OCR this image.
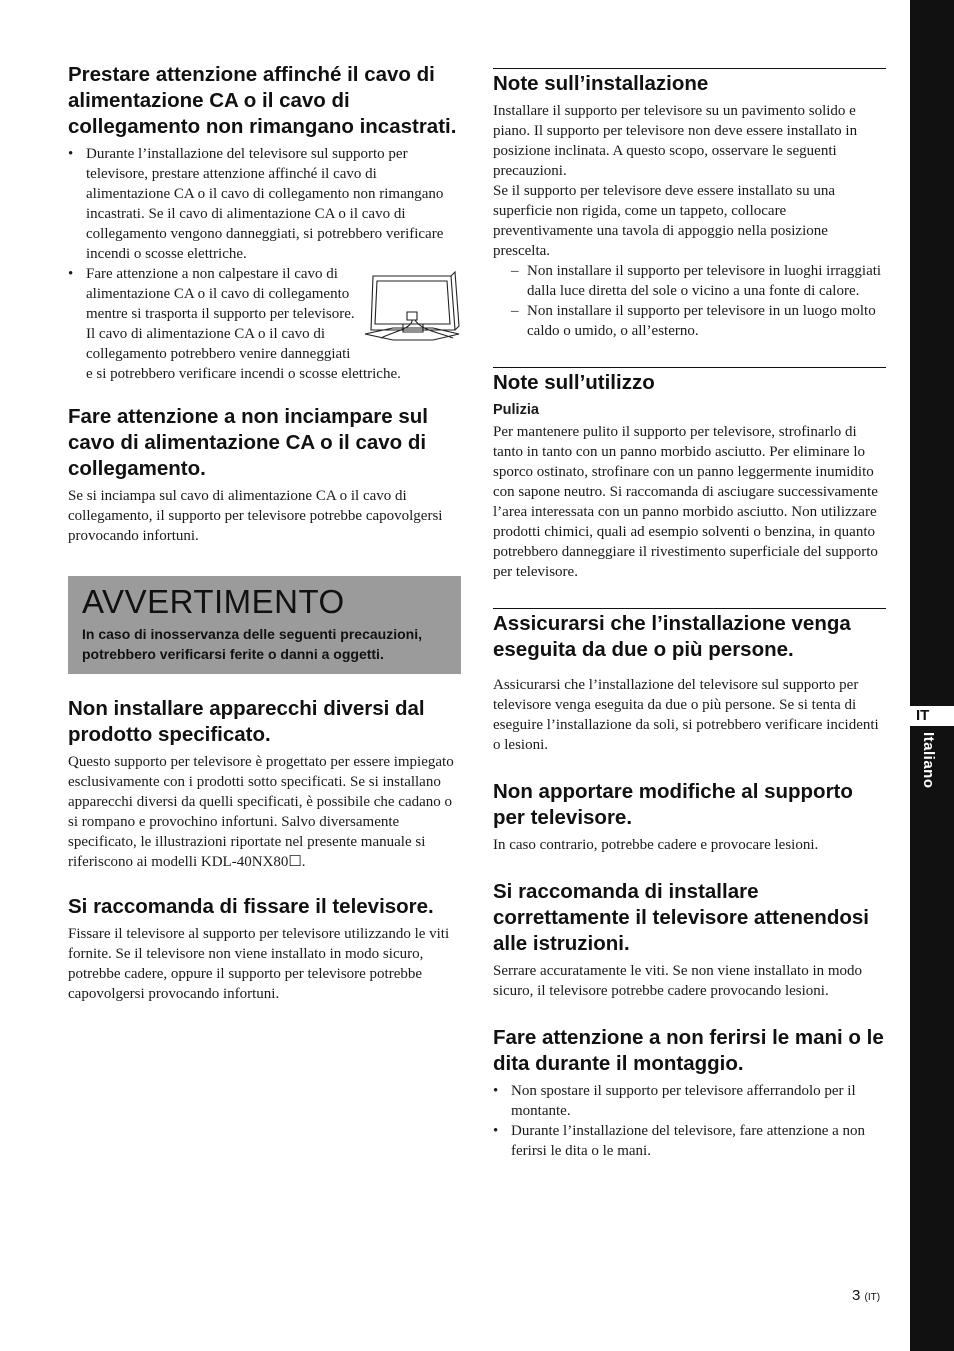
IT
Italiano
Prestare attenzione affinché il cavo di alimentazione CA o il cavo di collegamento non rimangano incastrati.
• Durante l’installazione del televisore sul supporto per televisore, prestare attenzione affinché il cavo di alimentazione CA o il cavo di collegamento non rimangano incastrati. Se il cavo di alimentazione CA o il cavo di collegamento vengono danneggiati, si potrebbero verificare incendi o scosse elettriche.
• Fare attenzione a non calpestare il cavo di alimentazione CA o il cavo di collegamento mentre si trasporta il supporto per televisore. Il cavo di alimentazione CA o il cavo di collegamento potrebbero venire danneggiati e si potrebbero verificare incendi o scosse elettriche.
Fare attenzione a non inciampare sul cavo di alimentazione CA o il cavo di collegamento.

Se si inciampa sul cavo di alimentazione CA o il cavo di collegamento, il supporto per televisore potrebbe capovolgersi provocando infortuni.

AVVERTIMENTO

In caso di inosservanza delle seguenti precauzioni, potrebbero verificarsi ferite o danni a oggetti.

Non installare apparecchi diversi dal prodotto specificato.

Questo supporto per televisore è progettato per essere impiegato esclusivamente con i prodotti sotto specificati. Se si installano apparecchi diversi da quelli specificati, è possibile che cadano o si rompano e provochino infortuni. Salvo diversamente specificato, le illustrazioni riportate nel presente manuale si riferiscono ai modelli KDL-40NX80☐.

Si raccomanda di fissare il televisore.

Fissare il televisore al supporto per televisore utilizzando le viti fornite. Se il televisore non viene installato in modo sicuro, potrebbe cadere, oppure il supporto per televisore potrebbe capovolgersi provocando infortuni.

Note sull’installazione

Installare il supporto per televisore su un pavimento solido e piano. Il supporto per televisore non deve essere installato in posizione inclinata. A questo scopo, osservare le seguenti precauzioni.

Se il supporto per televisore deve essere installato su una superficie non rigida, come un tappeto, collocare preventivamente una tavola di appoggio nella posizione prescelta.

– Non installare il supporto per televisore in luoghi irraggiati dalla luce diretta del sole o vicino a una fonte di calore.
– Non installare il supporto per televisore in un luogo molto caldo o umido, o all’esterno.
Note sull’utilizzo
Pulizia

Per mantenere pulito il supporto per televisore, strofinarlo di tanto in tanto con un panno morbido asciutto. Per eliminare lo sporco ostinato, strofinare con un panno leggermente inumidito con sapone neutro. Si raccomanda di asciugare successivamente l’area interessata con un panno morbido asciutto. Non utilizzare prodotti chimici, quali ad esempio solventi o benzina, in quanto potrebbero danneggiare il rivestimento superficiale del supporto per televisore.

Assicurarsi che l’installazione venga eseguita da due o più persone.

Assicurarsi che l’installazione del televisore sul supporto per televisore venga eseguita da due o più persone. Se si tenta di eseguire l’installazione da soli, si potrebbero verificare incidenti o lesioni.

Non apportare modifiche al supporto per televisore.

In caso contrario, potrebbe cadere e provocare lesioni.

Si raccomanda di installare correttamente il televisore attenendosi alle istruzioni.

Serrare accuratamente le viti. Se non viene installato in modo sicuro, il televisore potrebbe cadere provocando lesioni.

Fare attenzione a non ferirsi le mani o le dita durante il montaggio.
• Non spostare il supporto per televisore afferrandolo per il montante.
• Durante l’installazione del televisore, fare attenzione a non ferirsi le dita o le mani.
3 (IT)
